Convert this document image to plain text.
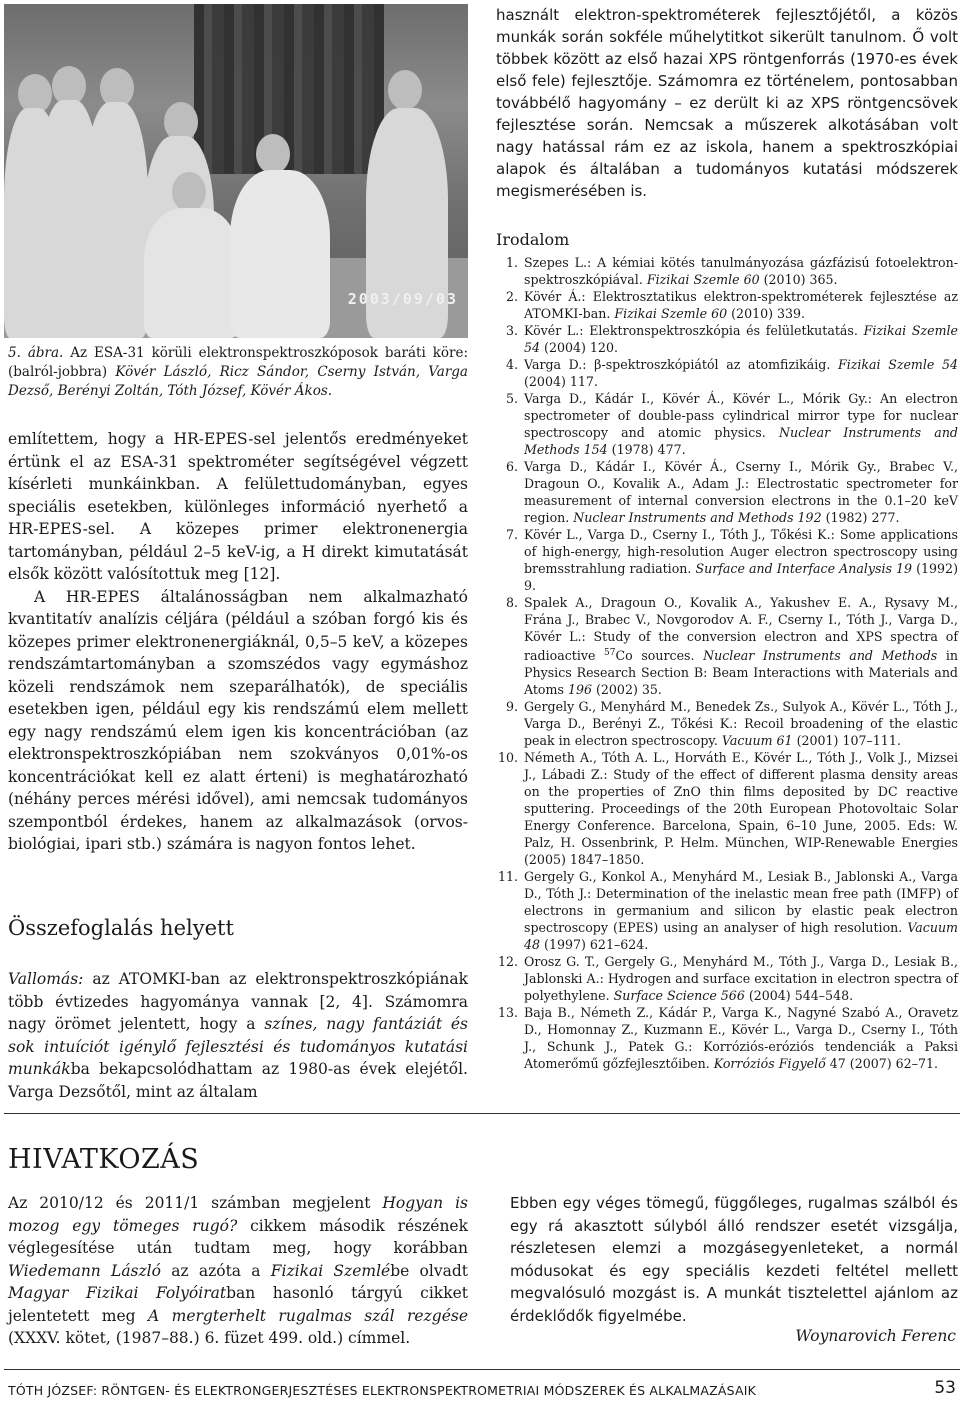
2003/09/03

5. ábra. Az ESA-31 körüli elektronspektroszkóposok baráti köre: (balról-jobbra) Kövér László, Ricz Sándor, Cserny István, Varga Dezső, Berényi Zoltán, Tóth József, Kövér Ákos.

említettem, hogy a HR-EPES-sel jelentős eredményeket értünk el az ESA-31 spektrométer segítségével végzett kísérleti munkáinkban. A felülettudományban, egyes speciális esetekben, különleges információ nyerhető a HR-EPES-sel. A közepes primer elektronenergia tartományban, például 2–5 keV-ig, a H direkt kimutatását elsők között valósítottuk meg [12].

A HR-EPES általánosságban nem alkalmazható kvantitatív analízis céljára (például a szóban forgó kis és közepes primer elektronenergiáknál, 0,5–5 keV, a közepes rendszámtartományban a szomszédos vagy egymáshoz közeli rendszámok nem szeparálhatók), de speciális esetekben igen, például egy kis rendszámú elem mellett egy nagy rendszámú elem igen kis koncentrációban (az elektronspektroszkópiában nem szokványos 0,01%-os koncentrációkat kell ez alatt érteni) is meghatározható (néhány perces mérési idővel), ami nemcsak tudományos szempontból érdekes, hanem az alkalmazások (orvos-biológiai, ipari stb.) számára is nagyon fontos lehet.

Összefoglalás helyett

Vallomás: az ATOMKI-ban az elektronspektroszkópiának több évtizedes hagyománya vannak [2, 4]. Számomra nagy örömet jelentett, hogy a színes, nagy fantáziát és sok intuíciót igénylő fejlesztési és tudományos kutatási munkákba bekapcsolódhattam az 1980-as évek elejétől. Varga Dezsőtől, mint az általam

használt elektron-spektrométerek fejlesztőjétől, a közös munkák során sokféle műhelytitkot sikerült tanulnom. Ő volt többek között az első hazai XPS röntgenforrás (1970-es évek első fele) fejlesztője. Számomra ez történelem, pontosabban továbbélő hagyomány – ez derült ki az XPS röntgencsövek fejlesztése során. Nemcsak a műszerek alkotásában volt nagy hatással rám ez az iskola, hanem a spektroszkópiai alapok és általában a tudományos kutatási módszerek megismerésében is.

Irodalom
1. Szepes L.: A kémiai kötés tanulmányozása gázfázisú fotoelektron-spektroszkópiával. Fizikai Szemle 60 (2010) 365.
2. Kövér Á.: Elektrosztatikus elektron-spektrométerek fejlesztése az ATOMKI-ban. Fizikai Szemle 60 (2010) 339.
3. Kövér L.: Elektronspektroszkópia és felületkutatás. Fizikai Szemle 54 (2004) 120.
4. Varga D.: β-spektroszkópiától az atomfizikáig. Fizikai Szemle 54 (2004) 117.
5. Varga D., Kádár I., Kövér Á., Kövér L., Mórik Gy.: An electron spectrometer of double-pass cylindrical mirror type for nuclear spectroscopy and atomic physics. Nuclear Instruments and Methods 154 (1978) 477.
6. Varga D., Kádár I., Kövér Á., Cserny I., Mórik Gy., Brabec V., Dragoun O., Kovalik A., Adam J.: Electrostatic spectrometer for measurement of internal conversion electrons in the 0.1–20 keV region. Nuclear Instruments and Methods 192 (1982) 277.
7. Kövér L., Varga D., Cserny I., Tóth J., Tőkési K.: Some applications of high-energy, high-resolution Auger electron spectroscopy using bremsstrahlung radiation. Surface and Interface Analysis 19 (1992) 9.
8. Spalek A., Dragoun O., Kovalik A., Yakushev E. A., Rysavy M., Frána J., Brabec V., Novgorodov A. F., Cserny I., Tóth J., Varga D., Kövér L.: Study of the conversion electron and XPS spectra of radioactive $^{57}$Co sources. Nuclear Instruments and Methods in Physics Research Section B: Beam Interactions with Materials and Atoms 196 (2002) 35.
9. Gergely G., Menyhárd M., Benedek Zs., Sulyok A., Kövér L., Tóth J., Varga D., Berényi Z., Tőkési K.: Recoil broadening of the elastic peak in electron spectroscopy. Vacuum 61 (2001) 107–111.
10. Németh A., Tóth A. L., Horváth E., Kövér L., Tóth J., Volk J., Mizsei J., Lábadi Z.: Study of the effect of different plasma density areas on the properties of ZnO thin films deposited by DC reactive sputtering. Proceedings of the 20th European Photovoltaic Solar Energy Conference. Barcelona, Spain, 6–10 June, 2005. Eds: W. Palz, H. Ossenbrink, P. Helm. München, WIP-Renewable Energies (2005) 1847–1850.
11. Gergely G., Konkol A., Menyhárd M., Lesiak B., Jablonski A., Varga D., Tóth J.: Determination of the inelastic mean free path (IMFP) of electrons in germanium and silicon by elastic peak electron spectroscopy (EPES) using an analyser of high resolution. Vacuum 48 (1997) 621–624.
12. Orosz G. T., Gergely G., Menyhárd M., Tóth J., Varga D., Lesiak B., Jablonski A.: Hydrogen and surface excitation in electron spectra of polyethylene. Surface Science 566 (2004) 544–548.
13. Baja B., Németh Z., Kádár P., Varga K., Nagyné Szabó A., Oravetz D., Homonnay Z., Kuzmann E., Kövér L., Varga D., Cserny I., Tóth J., Schunk J., Patek G.: Korróziós-eróziós tendenciák a Paksi Atomerőmű gőzfejlesztőiben. Korróziós Figyelő 47 (2007) 62–71.
HIVATKOZÁS

Az 2010/12 és 2011/1 számban megjelent Hogyan is mozog egy tömeges rugó? cikkem második részének véglegesítése után tudtam meg, hogy korábban Wiedemann László az azóta a Fizikai Szemlébe olvadt Magyar Fizikai Folyóiratban hasonló tárgyú cikket jelentetett meg A mergterhelt rugalmas szál rezgése (XXXV. kötet, (1987–88.) 6. füzet 499. old.) címmel.

Ebben egy véges tömegű, függőleges, rugalmas szálból és egy rá akasztott súlyból álló rendszer esetét vizsgálja, részletesen elemzi a mozgásegyenleteket, a normál módusokat és egy speciális kezdeti feltétel mellett megvalósuló mozgást is. A munkát tisztelettel ajánlom az érdeklődők figyelmébe.

Woynarovich Ferenc
TÓTH JÓZSEF: RÖNTGEN- ÉS ELEKTRONGERJESZTÉSES ELEKTRONSPEKTROMETRIAI MÓDSZEREK ÉS ALKALMAZÁSAIK	53
